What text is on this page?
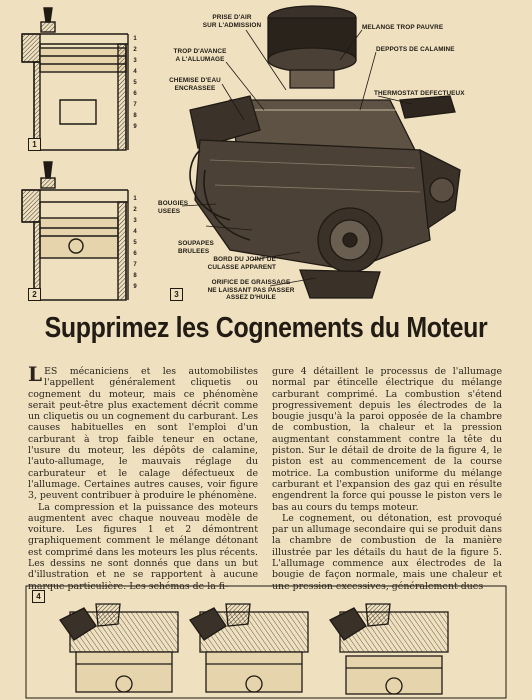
1
2
3
4
5
6
7
8
9
1
2
3
4
5
6
7
8
9
1
2	3
4
PRISE D'AIR
SUR L'ADMISSION	MELANGE TROP PAUVRE
TROP D'AVANCE
A L'ALLUMAGE
DEPPOTS DE CALAMINE
CHEMISE D'EAU
ENCRASSEE
THERMOSTAT DEFECTUEUX
BOUGIES
USEES
SOUPAPES
BRULEES
BORD DU JOINT DE
CULASSE APPARENT
ORIFICE DE GRAISSAGE
NE LAISSANT PAS PASSER
ASSEZ D'HUILE
Supprimez les Cognements du Moteur

LES mécaniciens et les automobilistes l'appellent généralement cliquetis ou cognement du moteur, mais ce phénomène serait peut-être plus exactement décrit comme un cliquetis ou un cognement du carburant. Les causes habituelles en sont l'emploi d'un carburant à trop faible teneur en octane, l'usure du moteur, les dépôts de calamine, l'auto-allumage, le mauvais réglage du carburateur et le calage défectueux de l'allumage. Certaines autres causes, voir figure 3, peuvent contribuer à produire le phénomène.

La compression et la puissance des moteurs augmentent avec chaque nouveau modèle de voiture. Les figures 1 et 2 démontrent graphiquement comment le mélange détonant est comprimé dans les moteurs les plus récents. Les dessins ne sont donnés que dans un but d'illustration et ne se rapportent à aucune marque particulière. Les schémas de la fi-

gure 4 détaillent le processus de l'allumage normal par étincelle électrique du mélange carburant comprimé. La combustion s'étend progressivement depuis les électrodes de la bougie jusqu'à la paroi opposée de la chambre de combustion, la chaleur et la pression augmentant constamment contre la tête du piston. Sur le détail de droite de la figure 4, le piston est au commencement de la course motrice. La combustion uniforme du mélange carburant et l'expansion des gaz qui en résulte engendrent la force qui pousse le piston vers le bas au cours du temps moteur.

Le cognement, ou détonation, est provoqué par un allumage secondaire qui se produit dans la chambre de combustion de la manière illustrée par les détails du haut de la figure 5. L'allumage commence aux électrodes de la bougie de façon normale, mais une chaleur et une pression excessives, généralement dues
